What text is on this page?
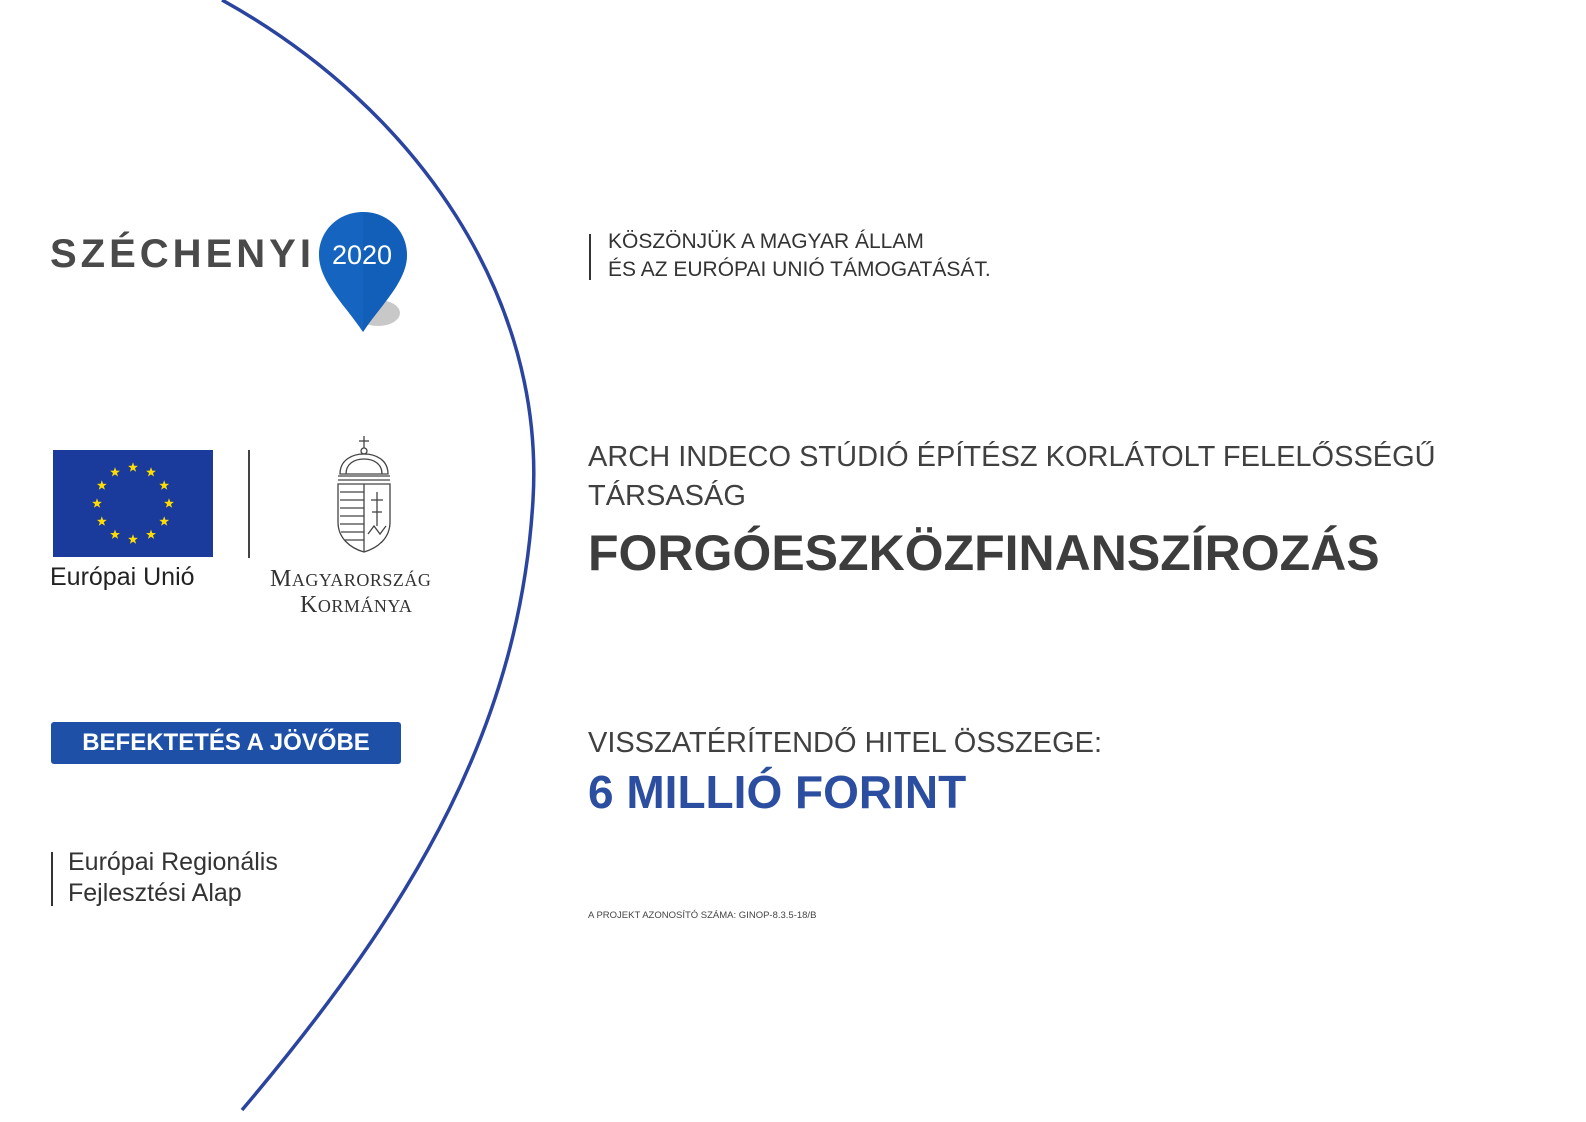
SZÉCHENYI 2020
Európai Unió	MAGYARORSZÁG
KORMÁNYA
BEFEKTETÉS A JÖVŐBE
Európai Regionális
Fejlesztési Alap
KÖSZÖNJÜK A MAGYAR ÁLLAM
ÉS AZ EURÓPAI UNIÓ TÁMOGATÁSÁT.
ARCH INDECO STÚDIÓ ÉPÍTÉSZ KORLÁTOLT FELELŐSSÉGŰ
TÁRSASÁG
FORGÓESZKÖZFINANSZÍROZÁS
VISSZATÉRÍTENDŐ HITEL ÖSSZEGE:
6 MILLIÓ FORINT
A PROJEKT AZONOSÍTÓ SZÁMA: GINOP-8.3.5-18/B
